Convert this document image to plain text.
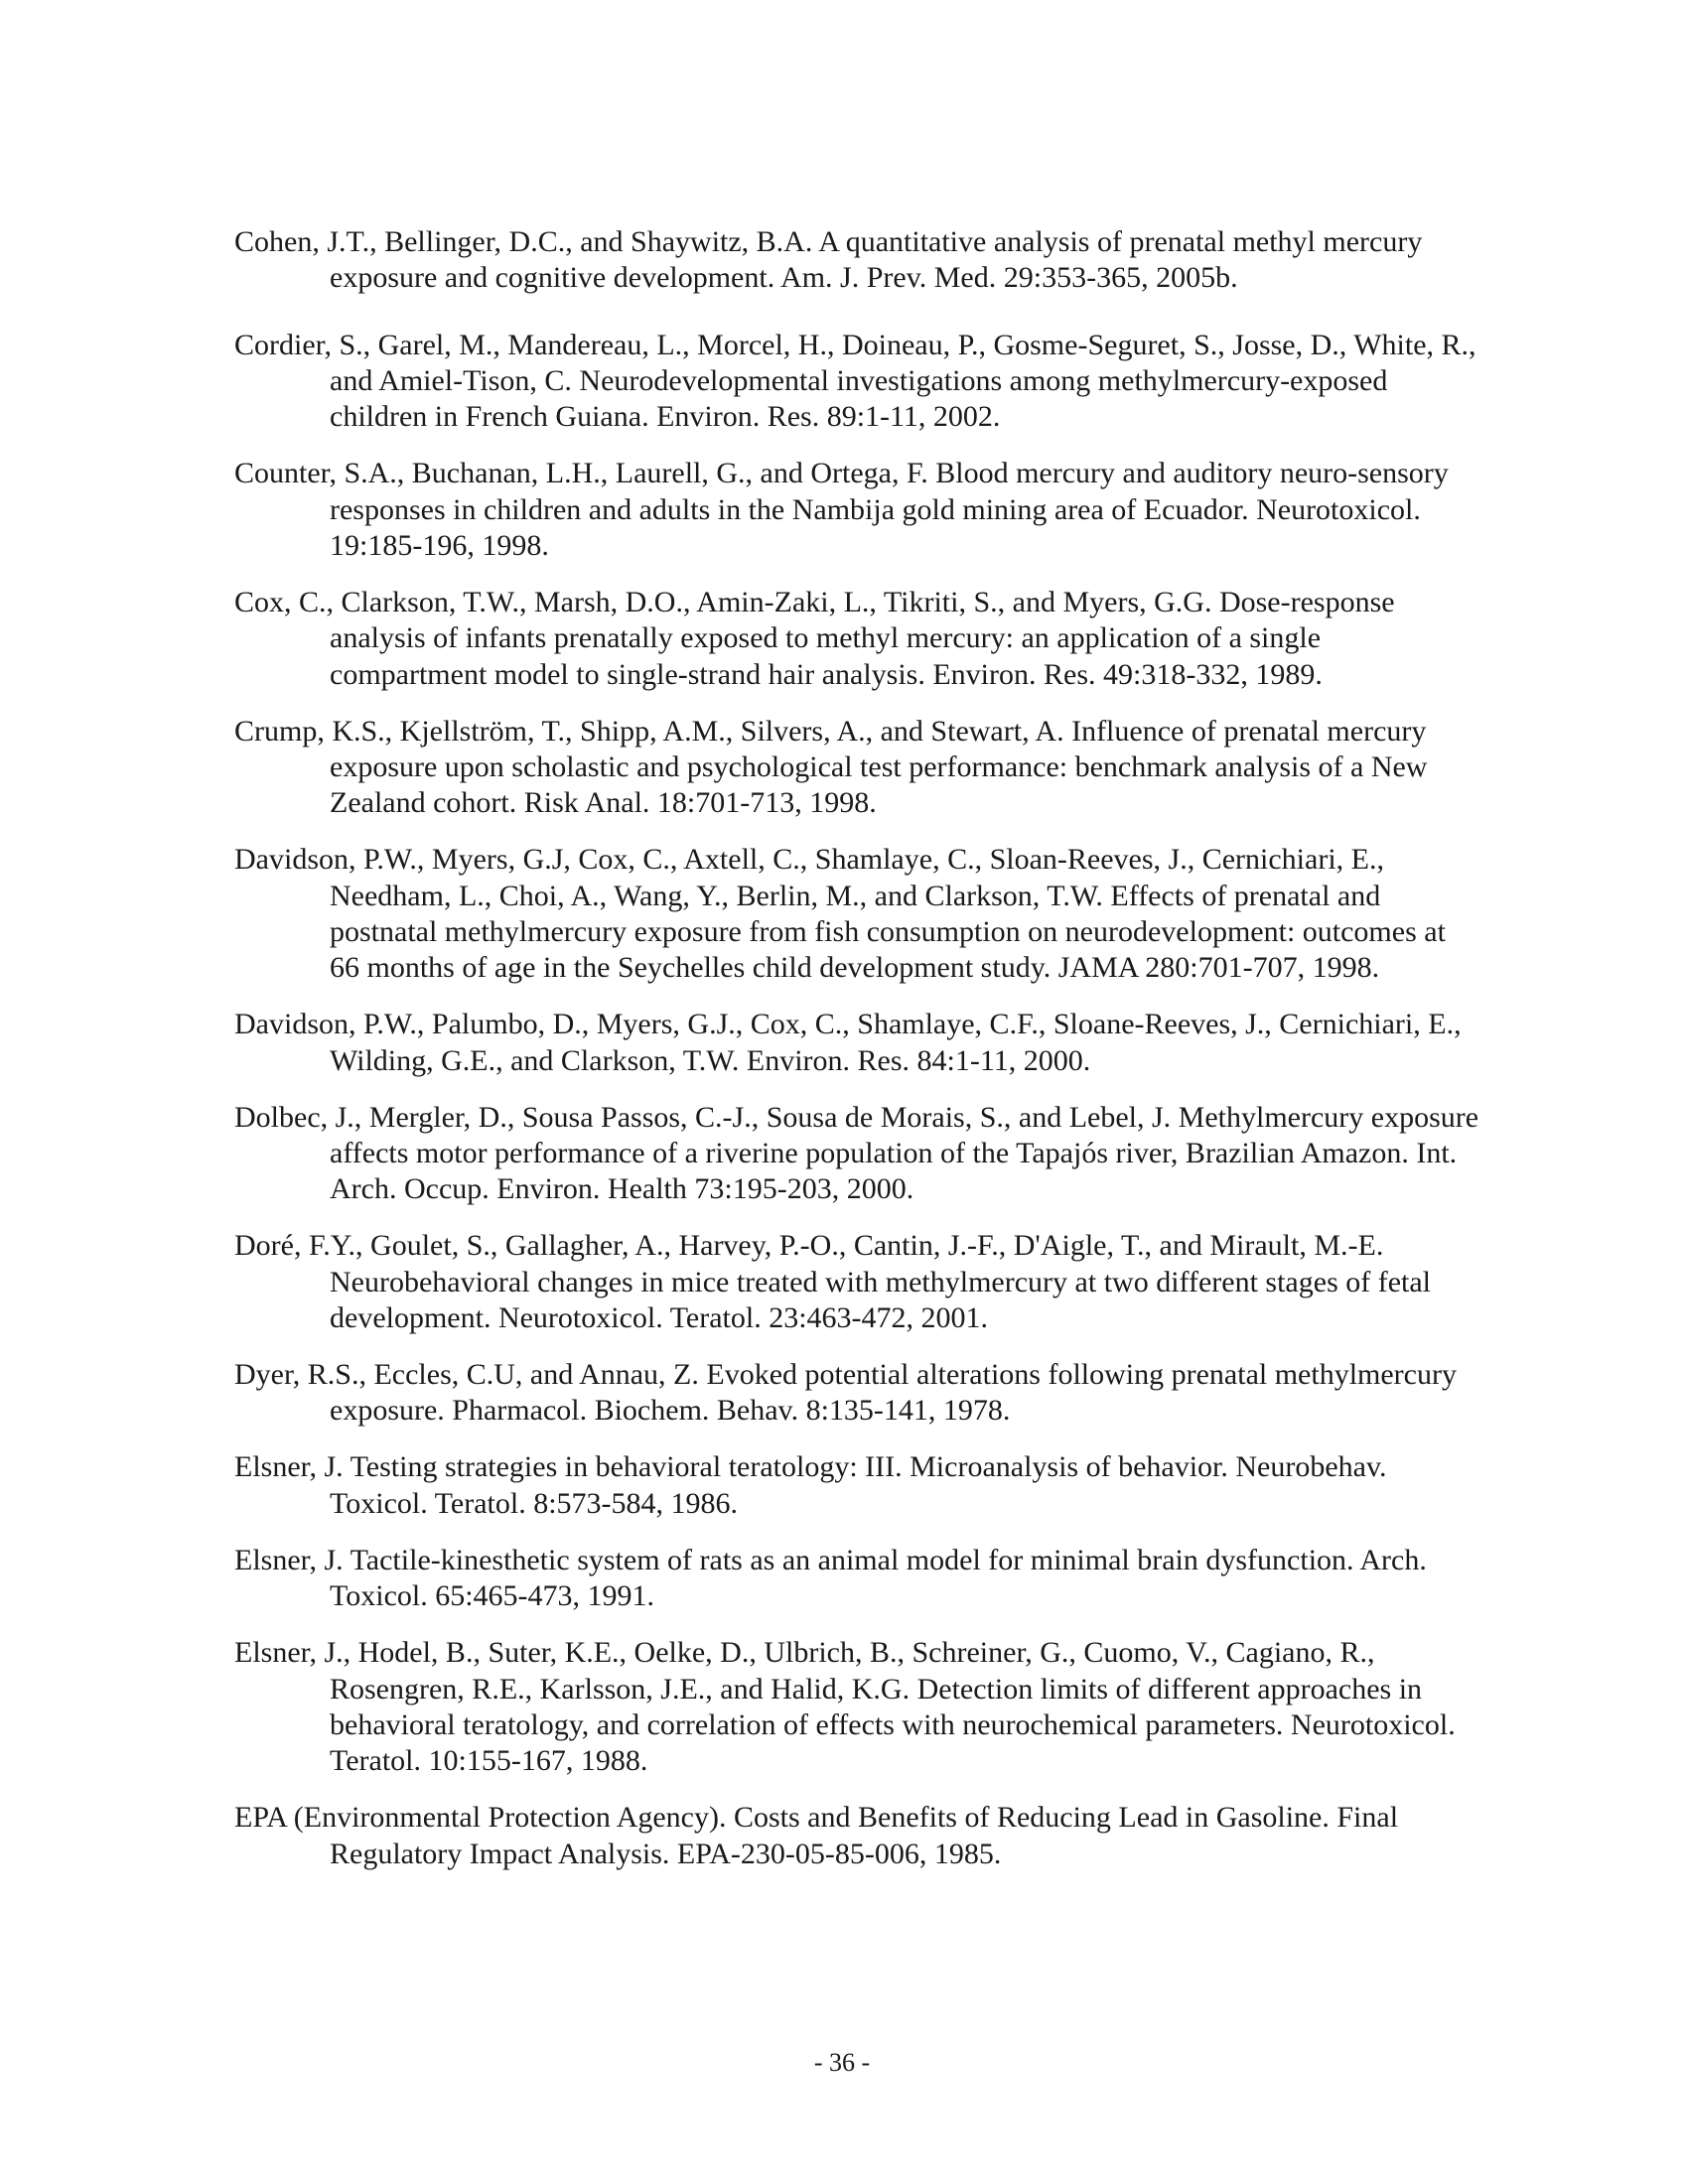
Cohen, J.T., Bellinger, D.C., and Shaywitz, B.A. A quantitative analysis of prenatal methyl mercury exposure and cognitive development. Am. J. Prev. Med. 29:353-365, 2005b.
Cordier, S., Garel, M., Mandereau, L., Morcel, H., Doineau, P., Gosme-Seguret, S., Josse, D., White, R., and Amiel-Tison, C. Neurodevelopmental investigations among methylmercury-exposed children in French Guiana. Environ. Res. 89:1-11, 2002.
Counter, S.A., Buchanan, L.H., Laurell, G., and Ortega, F. Blood mercury and auditory neuro-sensory responses in children and adults in the Nambija gold mining area of Ecuador. Neurotoxicol. 19:185-196, 1998.
Cox, C., Clarkson, T.W., Marsh, D.O., Amin-Zaki, L., Tikriti, S., and Myers, G.G. Dose-response analysis of infants prenatally exposed to methyl mercury: an application of a single compartment model to single-strand hair analysis. Environ. Res. 49:318-332, 1989.
Crump, K.S., Kjellström, T., Shipp, A.M., Silvers, A., and Stewart, A. Influence of prenatal mercury exposure upon scholastic and psychological test performance: benchmark analysis of a New Zealand cohort. Risk Anal. 18:701-713, 1998.
Davidson, P.W., Myers, G.J, Cox, C., Axtell, C., Shamlaye, C., Sloan-Reeves, J., Cernichiari, E., Needham, L., Choi, A., Wang, Y., Berlin, M., and Clarkson, T.W. Effects of prenatal and postnatal methylmercury exposure from fish consumption on neurodevelopment: outcomes at 66 months of age in the Seychelles child development study. JAMA 280:701-707, 1998.
Davidson, P.W., Palumbo, D., Myers, G.J., Cox, C., Shamlaye, C.F., Sloane-Reeves, J., Cernichiari, E., Wilding, G.E., and Clarkson, T.W. Environ. Res. 84:1-11, 2000.
Dolbec, J., Mergler, D., Sousa Passos, C.-J., Sousa de Morais, S., and Lebel, J. Methylmercury exposure affects motor performance of a riverine population of the Tapajós river, Brazilian Amazon. Int. Arch. Occup. Environ. Health 73:195-203, 2000.
Doré, F.Y., Goulet, S., Gallagher, A., Harvey, P.-O., Cantin, J.-F., D'Aigle, T., and Mirault, M.-E. Neurobehavioral changes in mice treated with methylmercury at two different stages of fetal development. Neurotoxicol. Teratol. 23:463-472, 2001.
Dyer, R.S., Eccles, C.U, and Annau, Z. Evoked potential alterations following prenatal methylmercury exposure. Pharmacol. Biochem. Behav. 8:135-141, 1978.
Elsner, J. Testing strategies in behavioral teratology: III. Microanalysis of behavior. Neurobehav. Toxicol. Teratol. 8:573-584, 1986.
Elsner, J. Tactile-kinesthetic system of rats as an animal model for minimal brain dysfunction. Arch. Toxicol. 65:465-473, 1991.
Elsner, J., Hodel, B., Suter, K.E., Oelke, D., Ulbrich, B., Schreiner, G., Cuomo, V., Cagiano, R., Rosengren, R.E., Karlsson, J.E., and Halid, K.G. Detection limits of different approaches in behavioral teratology, and correlation of effects with neurochemical parameters. Neurotoxicol. Teratol. 10:155-167, 1988.
EPA (Environmental Protection Agency). Costs and Benefits of Reducing Lead in Gasoline. Final Regulatory Impact Analysis. EPA-230-05-85-006, 1985.
- 36 -
